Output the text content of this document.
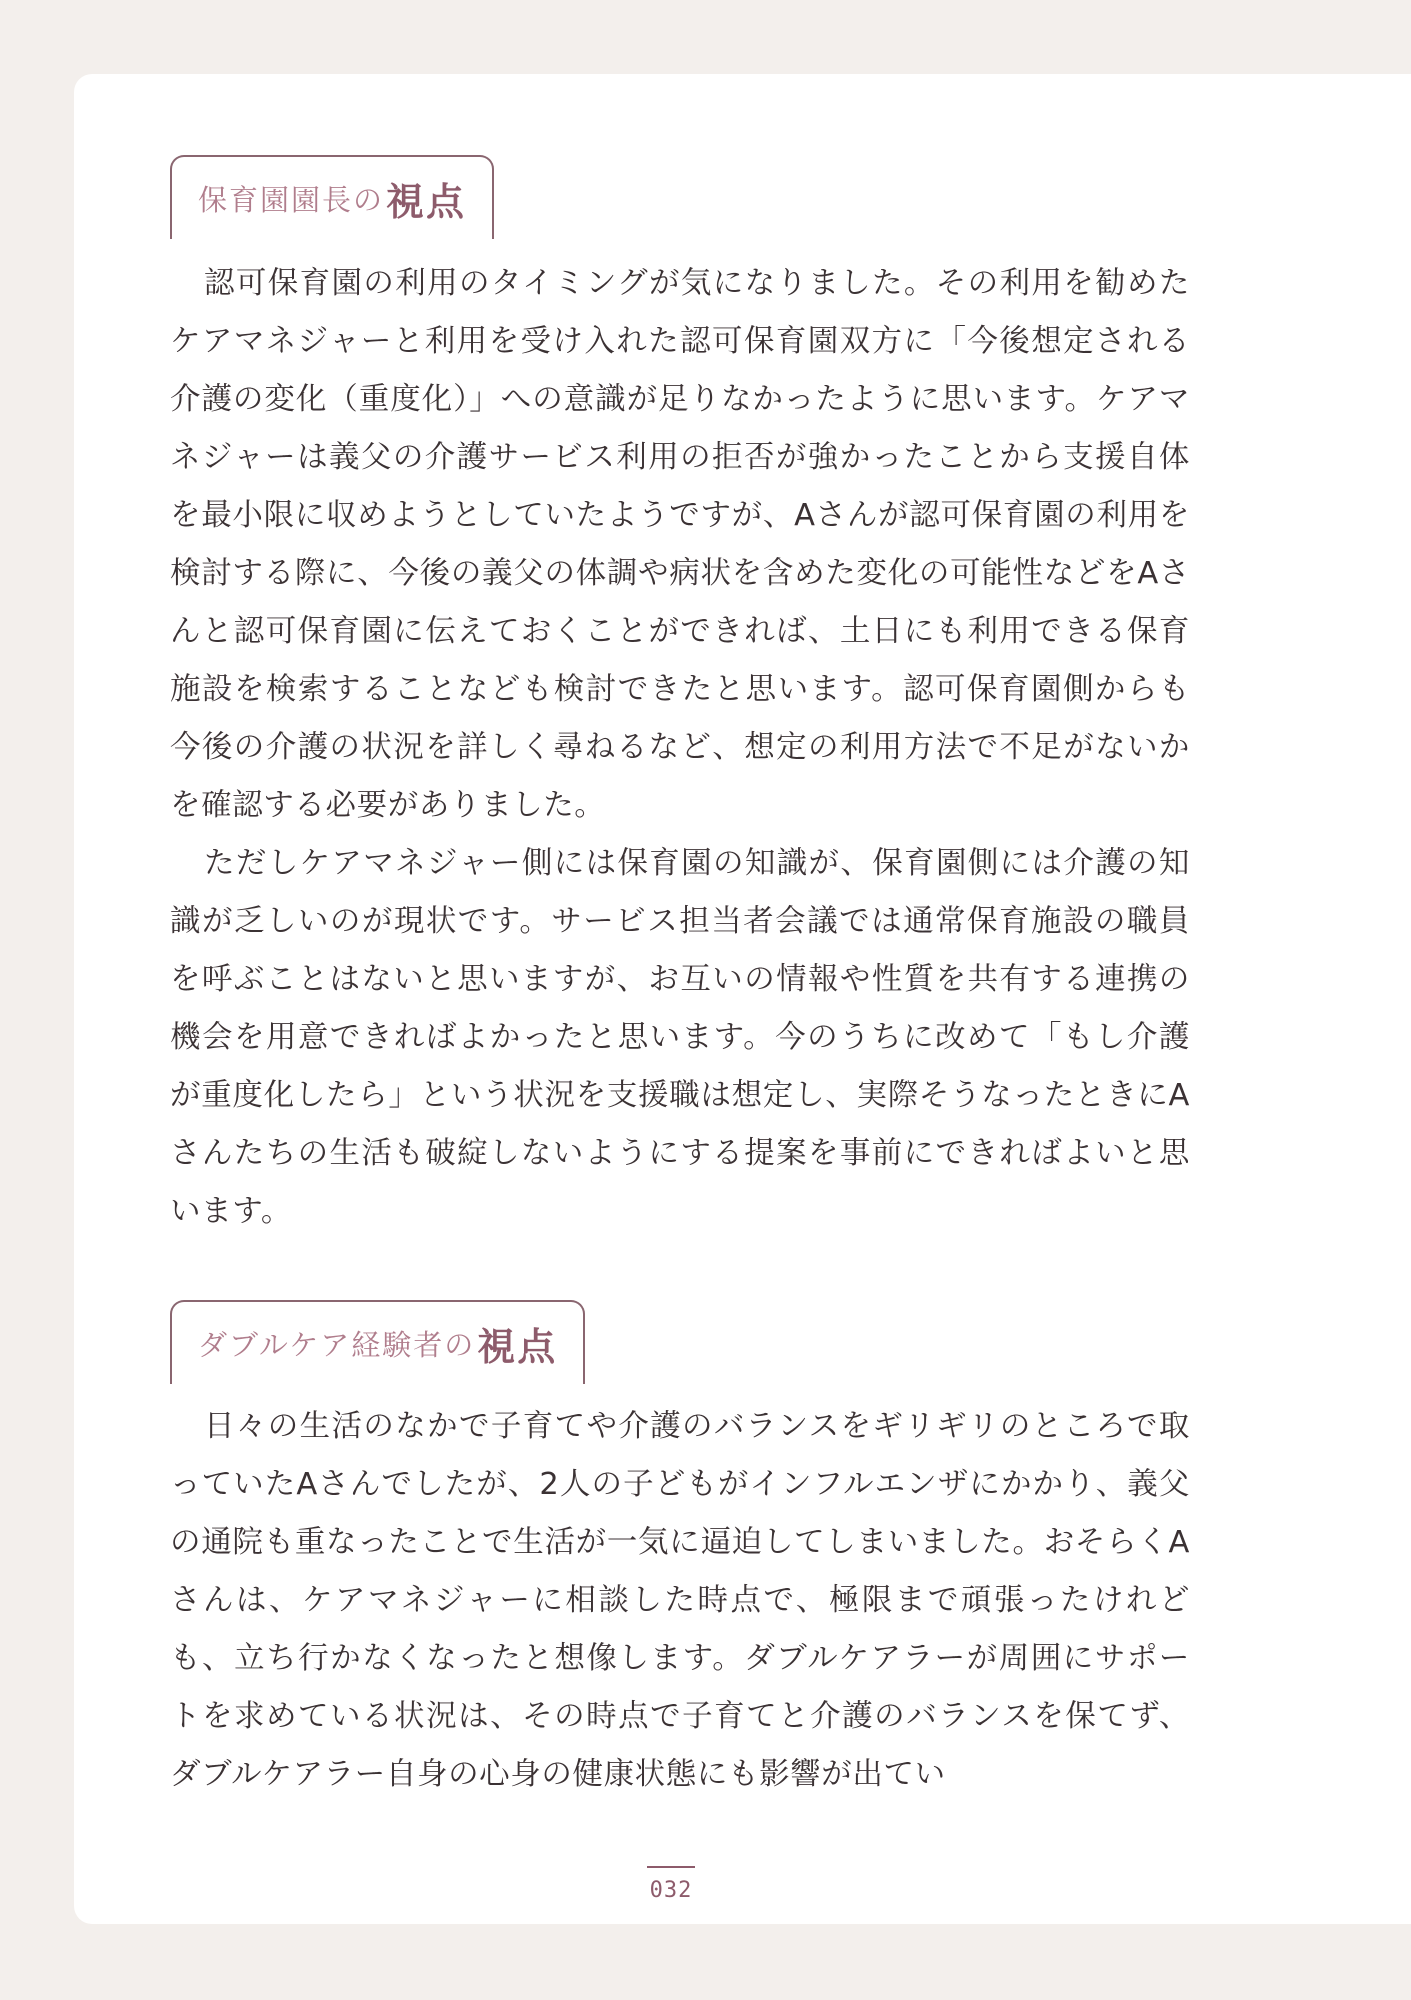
保育園園長の 視点

認可保育園の利用のタイミングが気になりました。その利用を勧めたケアマネジャーと利用を受け入れた認可保育園双方に「今後想定される介護の変化（重度化）」への意識が足りなかったように思います。ケアマネジャーは義父の介護サービス利用の拒否が強かったことから支援自体を最小限に収めようとしていたようですが、Aさんが認可保育園の利用を検討する際に、今後の義父の体調や病状を含めた変化の可能性などをAさんと認可保育園に伝えておくことができれば、土日にも利用できる保育施設を検索することなども検討できたと思います。認可保育園側からも今後の介護の状況を詳しく尋ねるなど、想定の利用方法で不足がないかを確認する必要がありました。

ただしケアマネジャー側には保育園の知識が、保育園側には介護の知識が乏しいのが現状です。サービス担当者会議では通常保育施設の職員を呼ぶことはないと思いますが、お互いの情報や性質を共有する連携の機会を用意できればよかったと思います。今のうちに改めて「もし介護が重度化したら」という状況を支援職は想定し、実際そうなったときにAさんたちの生活も破綻しないようにする提案を事前にできればよいと思います。

ダブルケア経験者の 視点

日々の生活のなかで子育てや介護のバランスをギリギリのところで取っていたAさんでしたが、2人の子どもがインフルエンザにかかり、義父の通院も重なったことで生活が一気に逼迫してしまいました。おそらくAさんは、ケアマネジャーに相談した時点で、極限まで頑張ったけれども、立ち行かなくなったと想像します。ダブルケアラーが周囲にサポートを求めている状況は、その時点で子育てと介護のバランスを保てず、ダブルケアラー自身の心身の健康状態にも影響が出てい

032
